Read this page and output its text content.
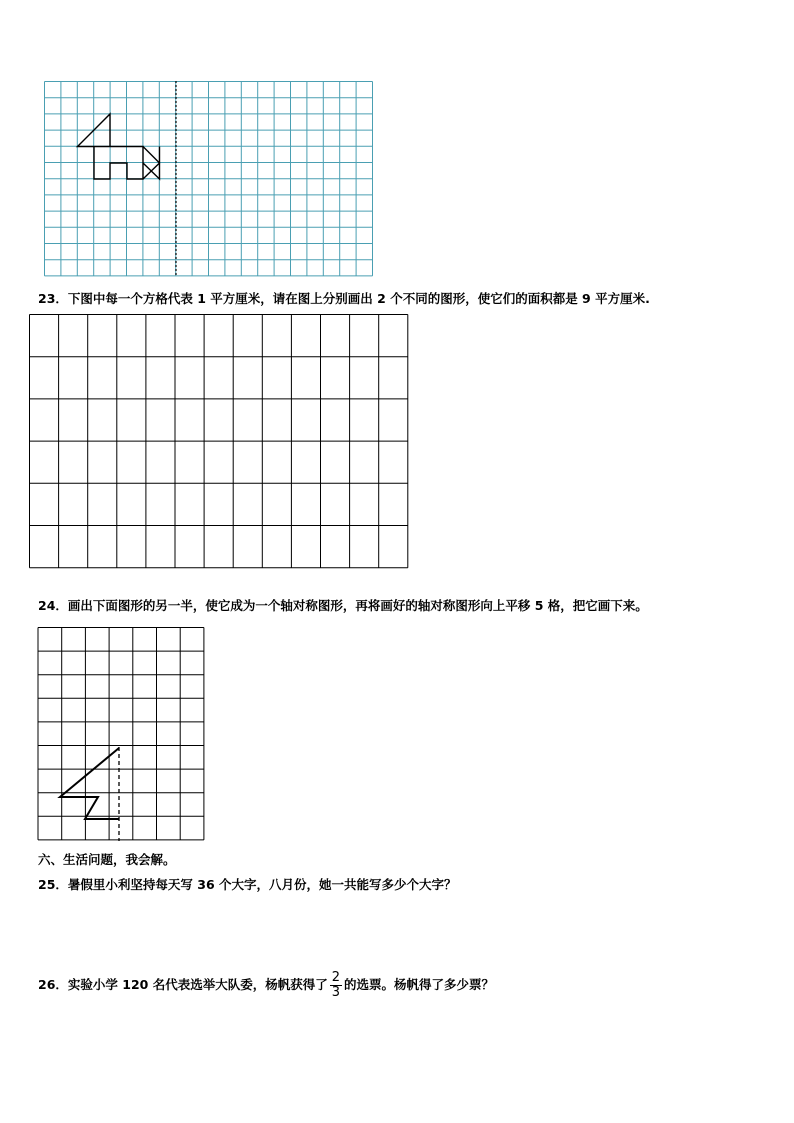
23．下图中每一个方格代表 1 平方厘米，请在图上分别画出 2 个不同的图形，使它们的面积都是 9 平方厘米.
24．画出下面图形的另一半，使它成为一个轴对称图形，再将画好的轴对称图形向上平移 5 格，把它画下来。
六、生活问题，我会解。
25．暑假里小利坚持每天写 36 个大字，八月份，她一共能写多少个大字？
26．实验小学 120 名代表选举大队委，杨帆获得了 $\frac{2}{3}$ 的选票。杨帆得了多少票？
